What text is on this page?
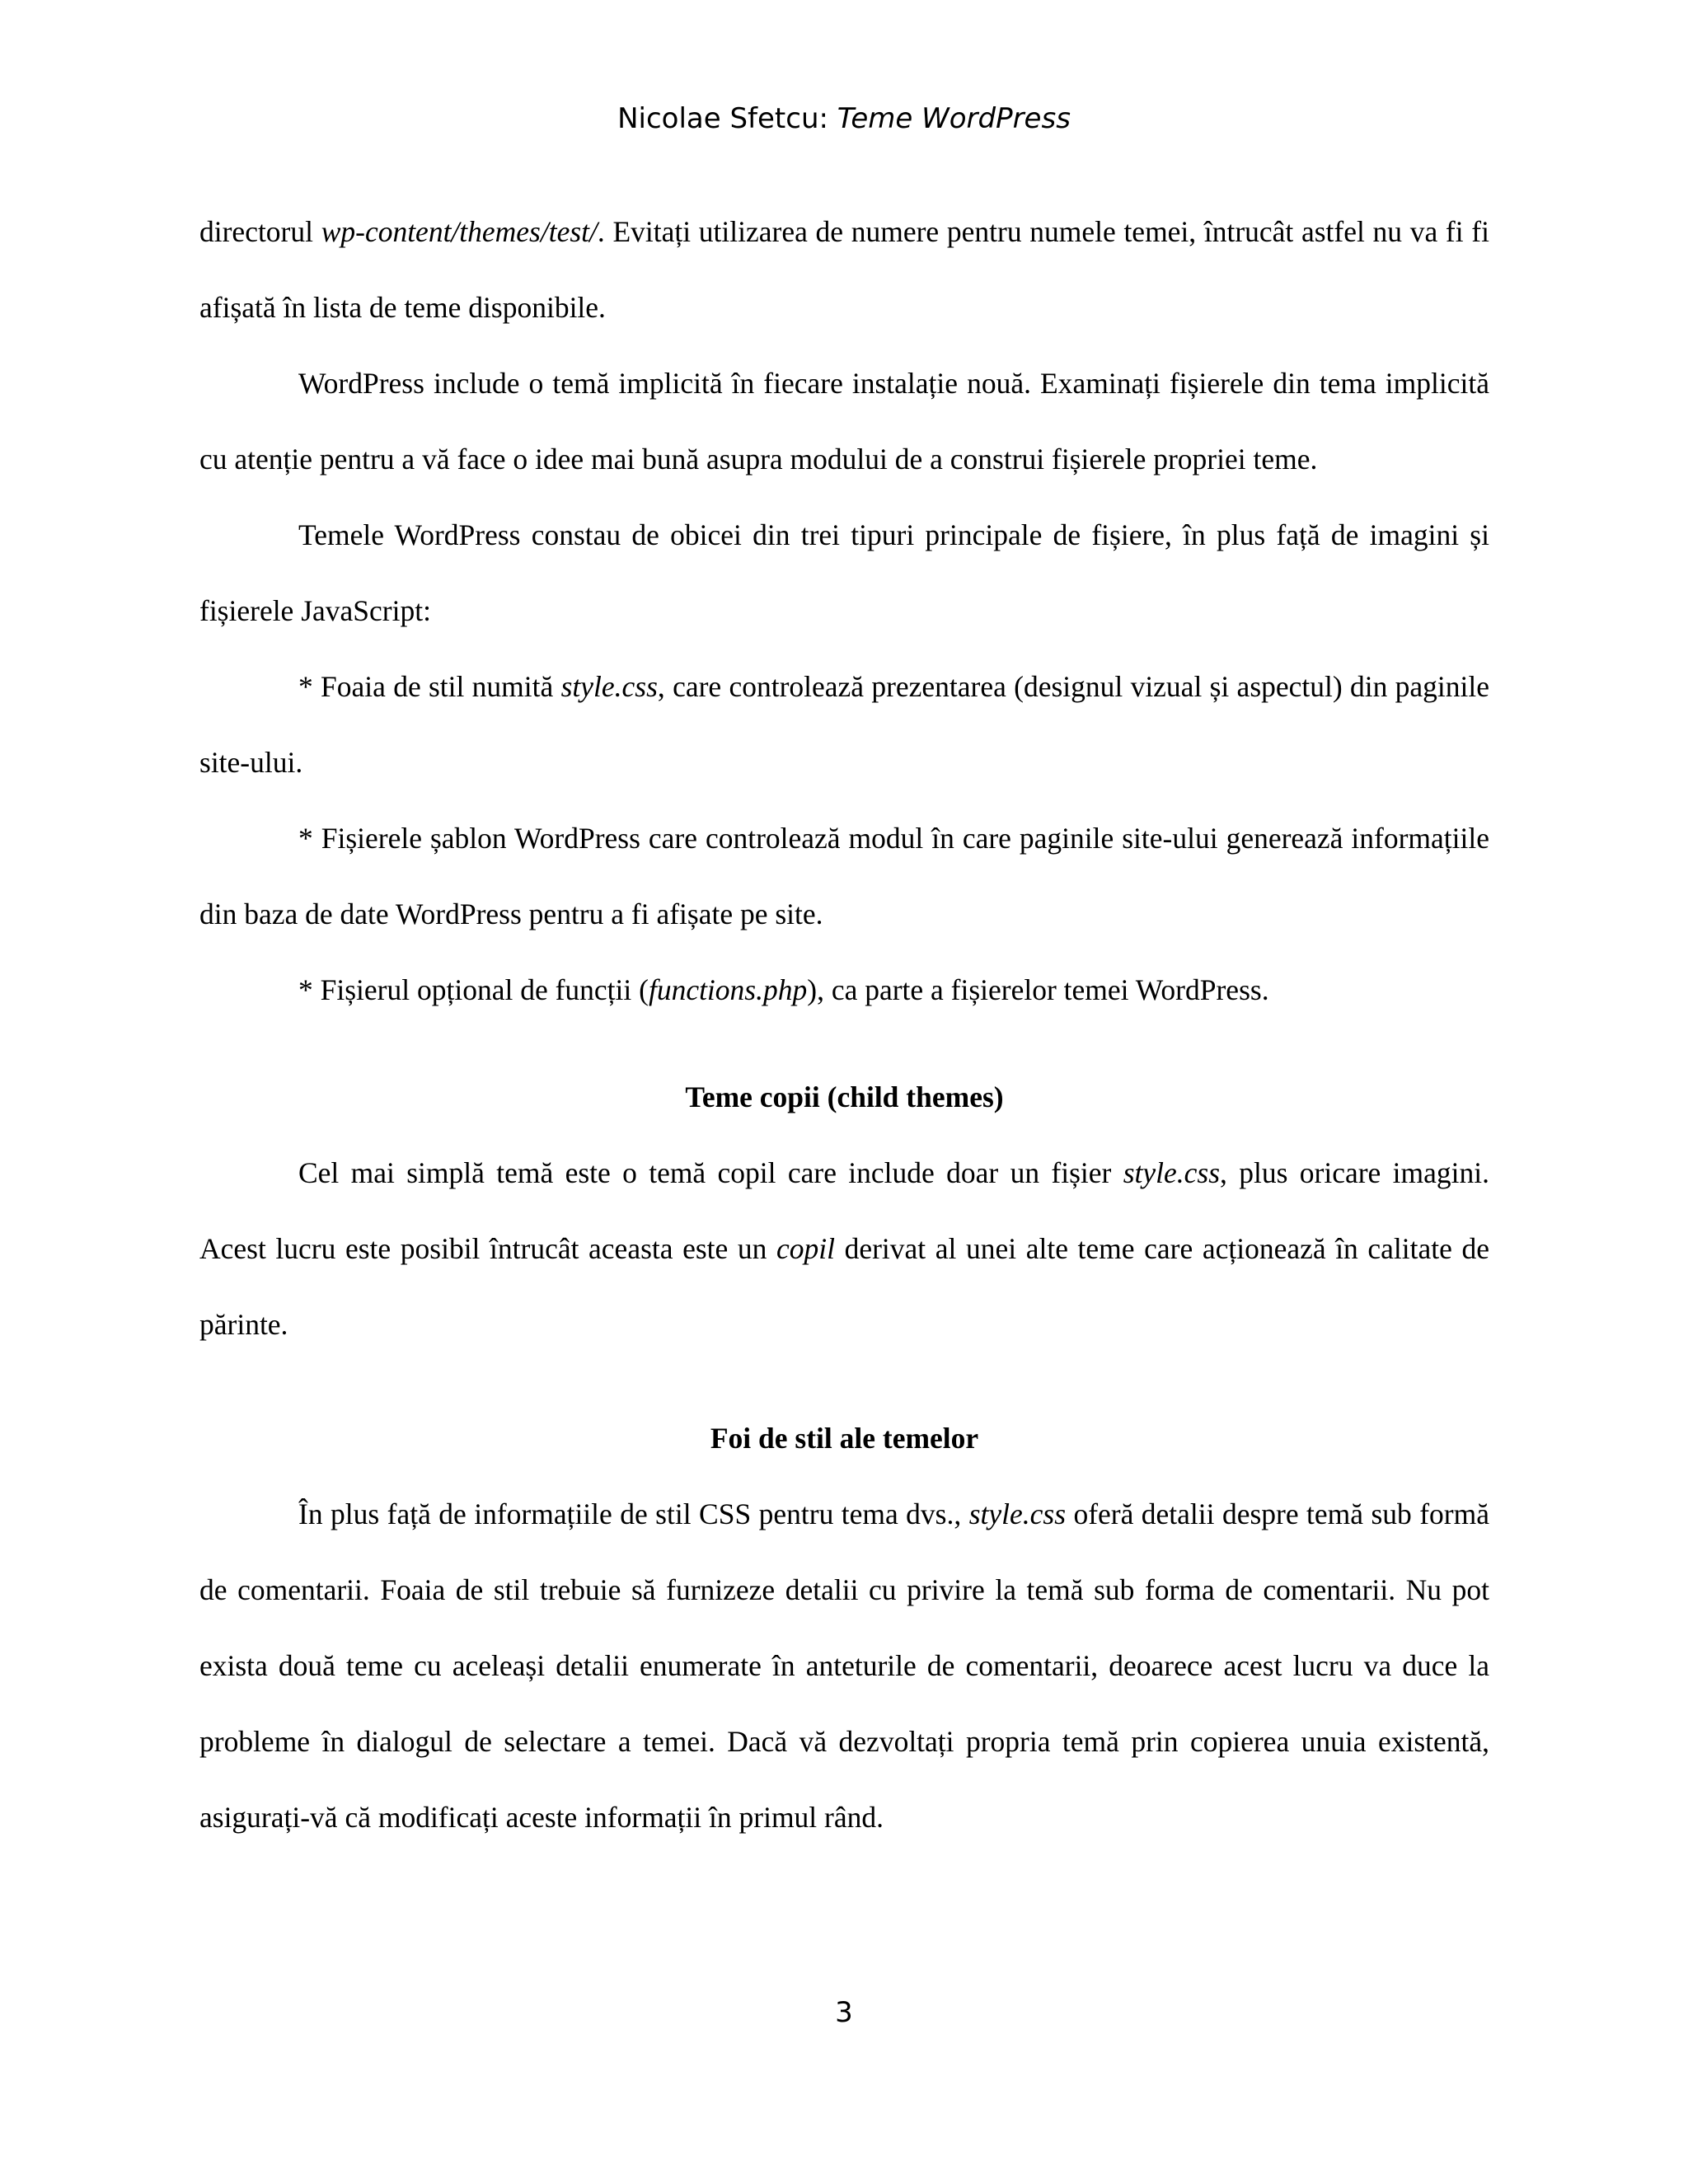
Nicolae Sfetcu: Teme WordPress

directorul wp-content/themes/test/. Evitați utilizarea de numere pentru numele temei, întrucât astfel nu va fi fi afișată în lista de teme disponibile.

WordPress include o temă implicită în fiecare instalație nouă. Examinați fișierele din tema implicită cu atenție pentru a vă face o idee mai bună asupra modului de a construi fișierele propriei teme.

Temele WordPress constau de obicei din trei tipuri principale de fișiere, în plus față de imagini și fișierele JavaScript:

* Foaia de stil numită style.css, care controlează prezentarea (designul vizual și aspectul) din paginile site-ului.

* Fișierele șablon WordPress care controlează modul în care paginile site-ului generează informațiile din baza de date WordPress pentru a fi afișate pe site.

* Fișierul opțional de funcții (functions.php), ca parte a fișierelor temei WordPress.

Teme copii (child themes)

Cel mai simplă temă este o temă copil care include doar un fișier style.css, plus oricare imagini. Acest lucru este posibil întrucât aceasta este un copil derivat al unei alte teme care acționează în calitate de părinte.

Foi de stil ale temelor

În plus față de informațiile de stil CSS pentru tema dvs., style.css oferă detalii despre temă sub formă de comentarii. Foaia de stil trebuie să furnizeze detalii cu privire la temă sub forma de comentarii. Nu pot exista două teme cu aceleași detalii enumerate în anteturile de comentarii, deoarece acest lucru va duce la probleme în dialogul de selectare a temei. Dacă vă dezvoltați propria temă prin copierea unuia existentă, asigurați-vă că modificați aceste informații în primul rând.

3
